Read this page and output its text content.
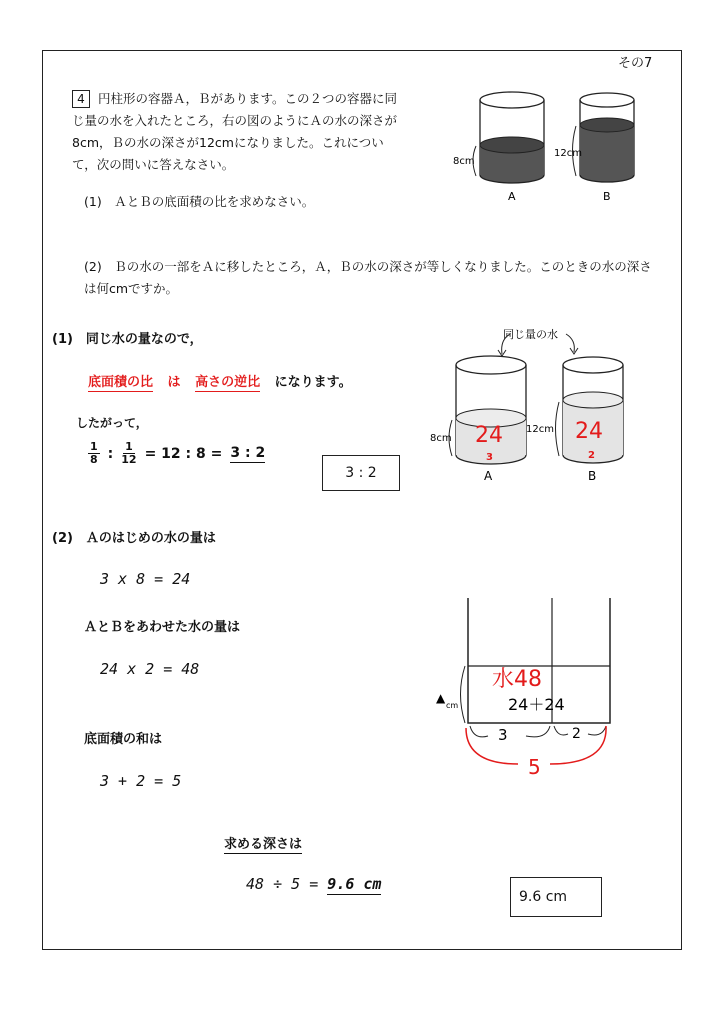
その7
4 円柱形の容器Ａ，Ｂがあります。この２つの容器に同じ量の水を入れたところ，右の図のようにＡの水の深さが8cm，Ｂの水の深さが12cmになりました。これについて，次の問いに答えなさい。
(1)　ＡとＢの底面積の比を求めなさい。
(2)　Ｂの水の一部をＡに移したところ，Ａ，Ｂの水の深さが等しくなりました。このときの水の深さは何cmですか。
8cm
A
12cm
B
(1)　同じ水の量なので，
底面積の比 は 高さの逆比 になります。
したがって，
$\frac{1}{8}$ : $\frac{1}{12} = 12$ : 8 = 3 : 2
3 : 2
同じ量の水
8cm 24
3
A
12cm 24
2
B
(2)　Ａのはじめの水の量は
3 x 8 = 24
ＡとＢをあわせた水の量は
24 x 2 = 48
底面積の和は
3 + 2 = 5
求める深さは
48 ÷ 5 = 9.6 cm
9.6 cm
▲
cm
水48
24＋24
3	2
5
